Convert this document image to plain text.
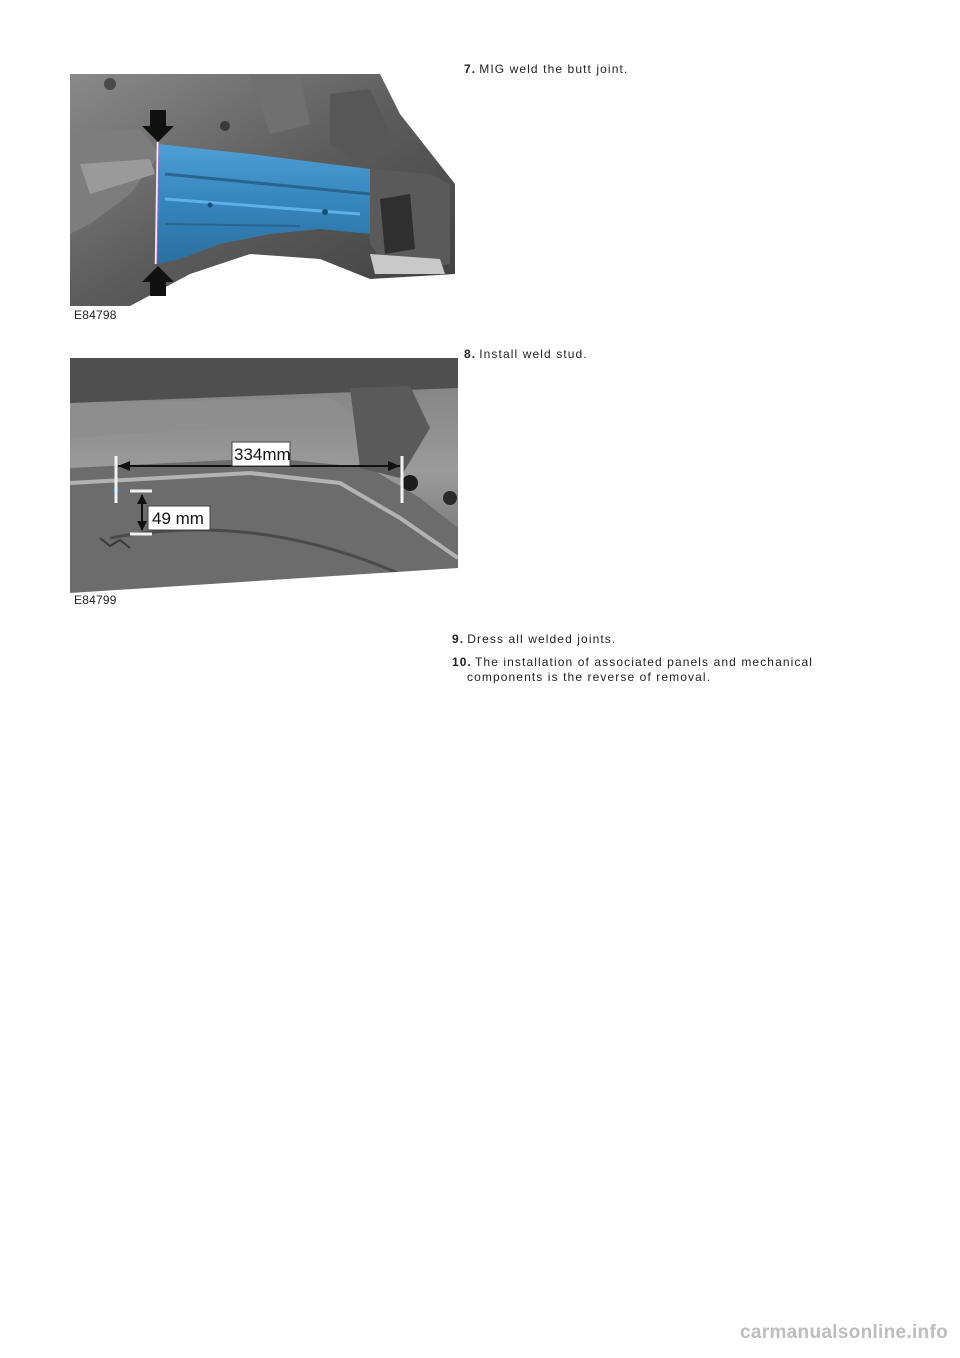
E84798
7. MIG weld the butt joint.
334mm
49 mm
E84799
8. Install weld stud.
9. Dress all welded joints.
10. The installation of associated panels and mechanical
components is the reverse of removal.
carmanualsonline.info
